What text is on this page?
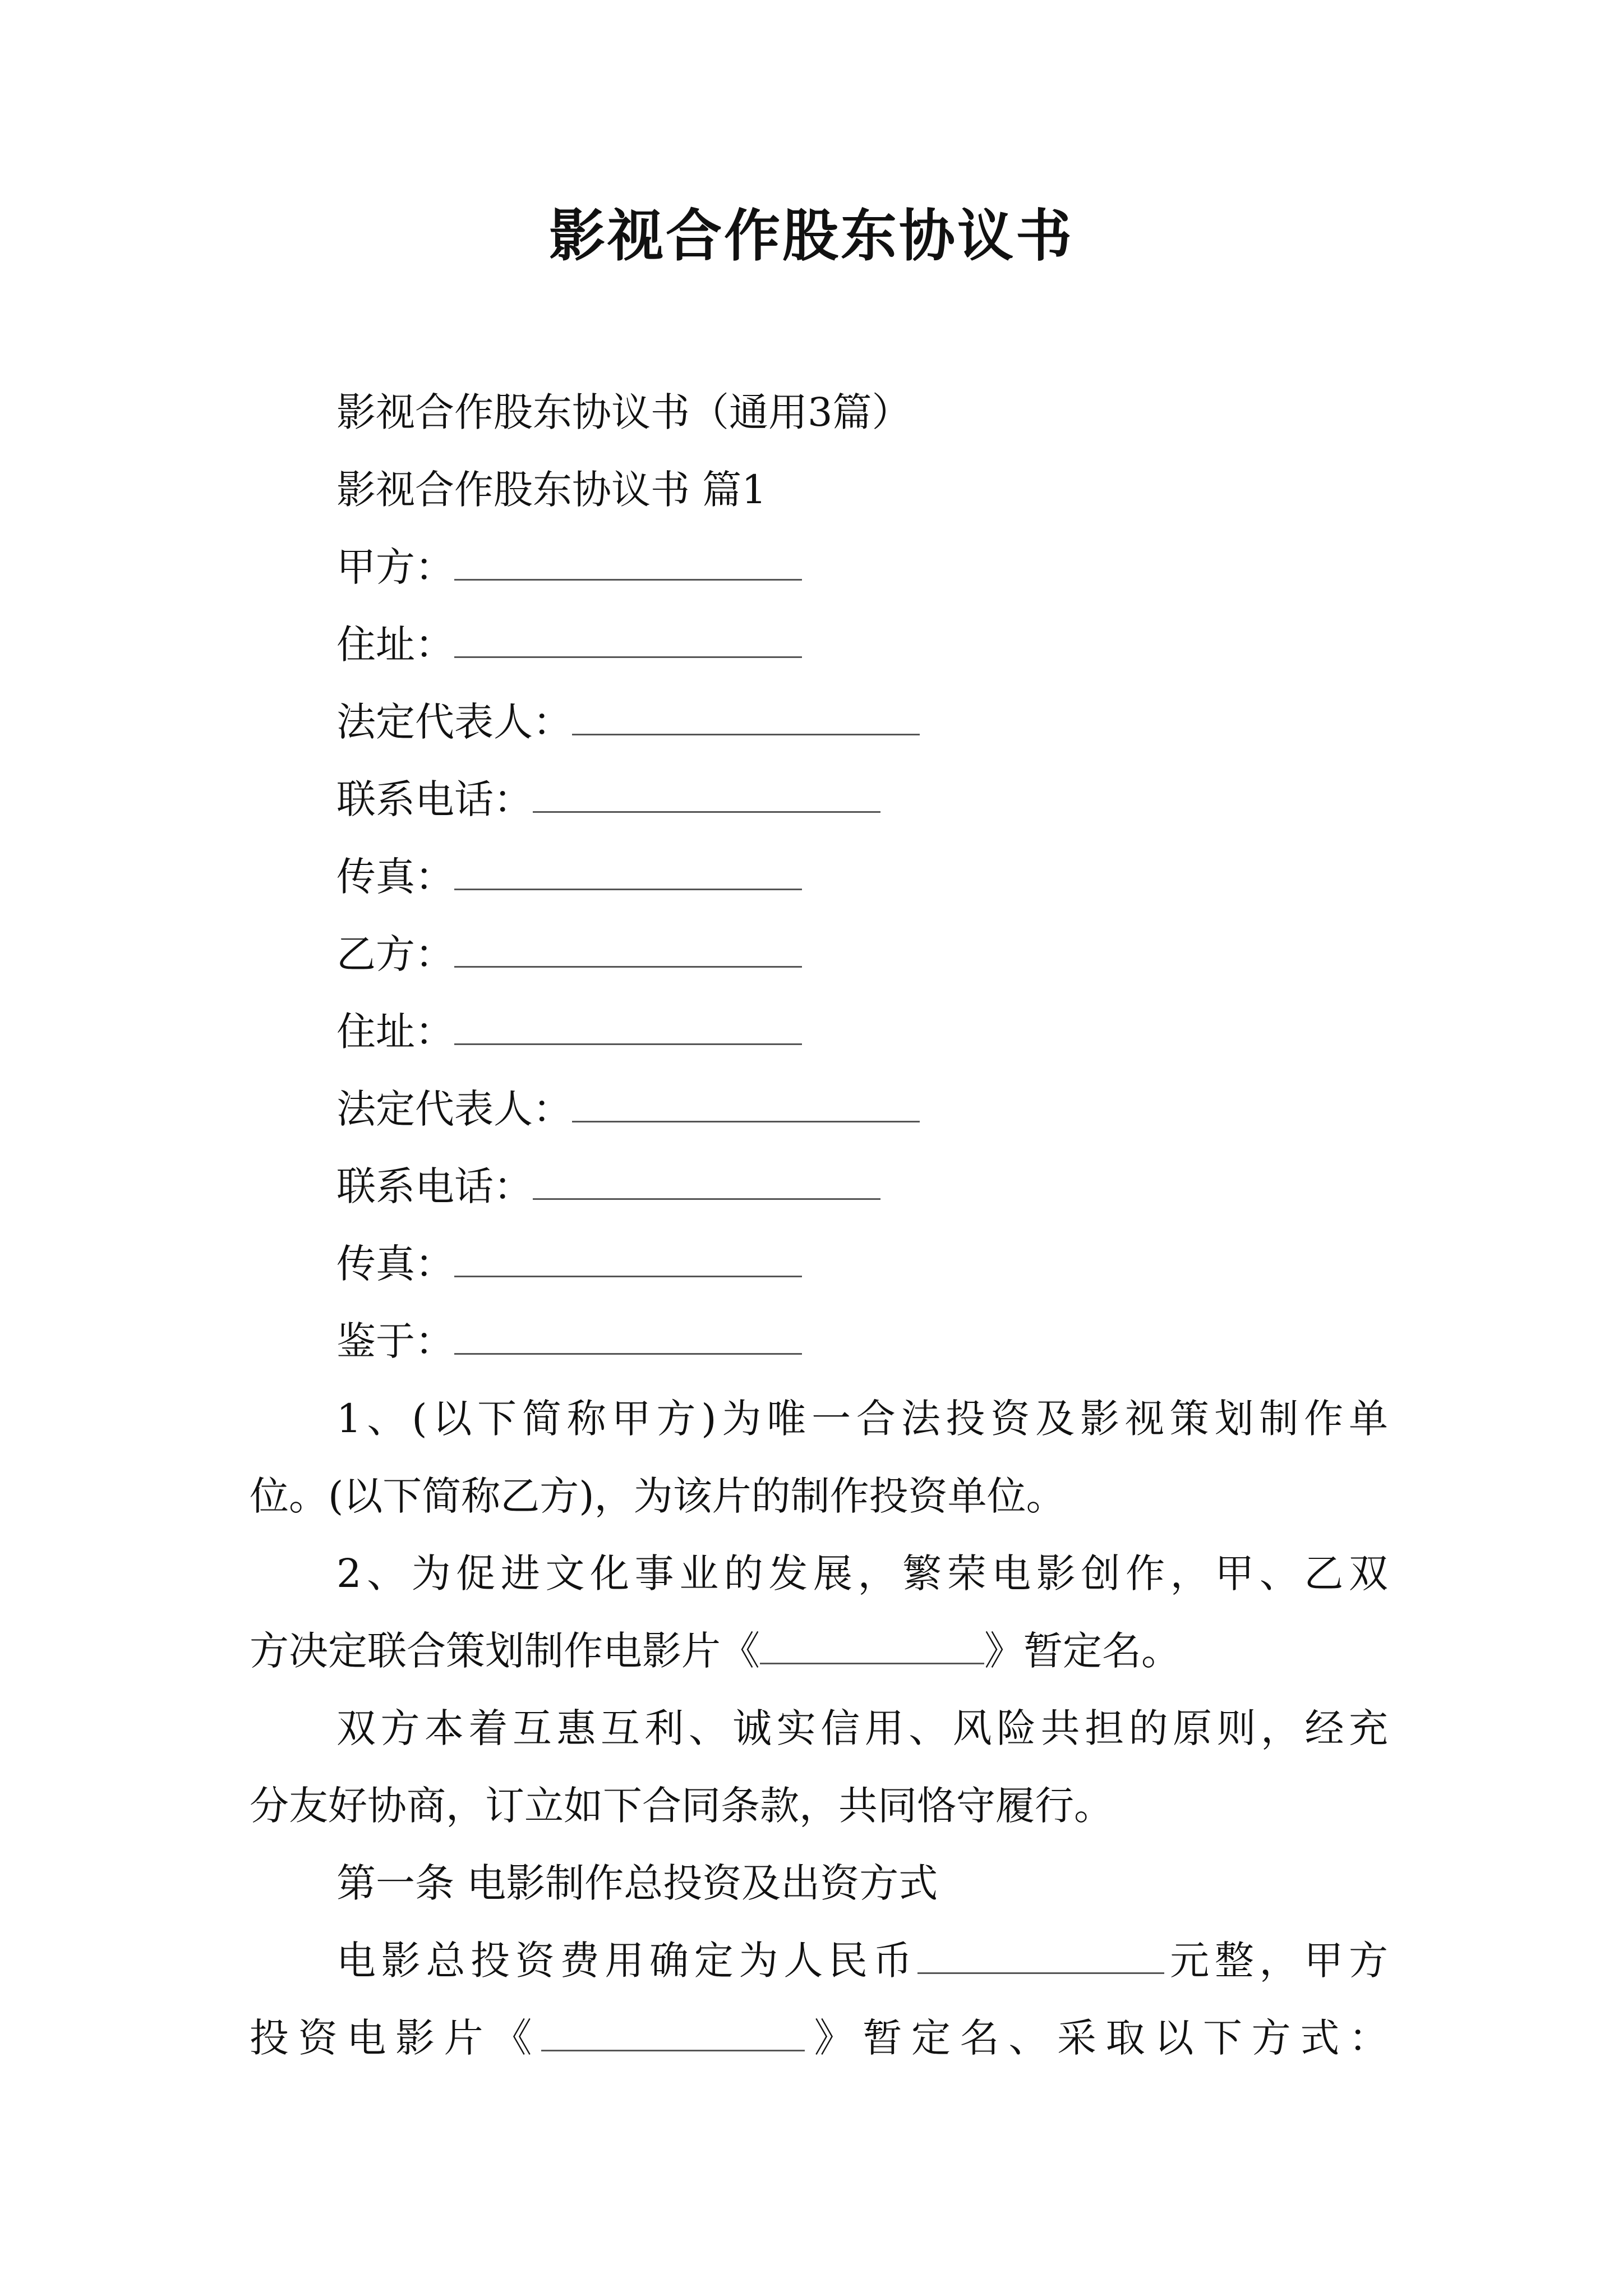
影视合作股东协议书
影视合作股东协议书（通用3篇）
影视合作股东协议书 篇1
甲方：
住址：
法定代表人：
联系电话：
传真：
乙方：
住址：
法定代表人：
联系电话：
传真：
鉴于：
1、(以下简称甲方)为唯一合法投资及影视策划制作单
位。(以下简称乙方)，为该片的制作投资单位。
2、为促进文化事业的发展，繁荣电影创作，甲、乙双
方决定联合策划制作电影片《	》暂定名。
双方本着互惠互利、诚实信用、风险共担的原则，经充
分友好协商，订立如下合同条款，共同恪守履行。
第一条 电影制作总投资及出资方式
电影总投资费用确定为人民币	元整，甲方
投资电影片《	》暂定名、采取以下方式：
